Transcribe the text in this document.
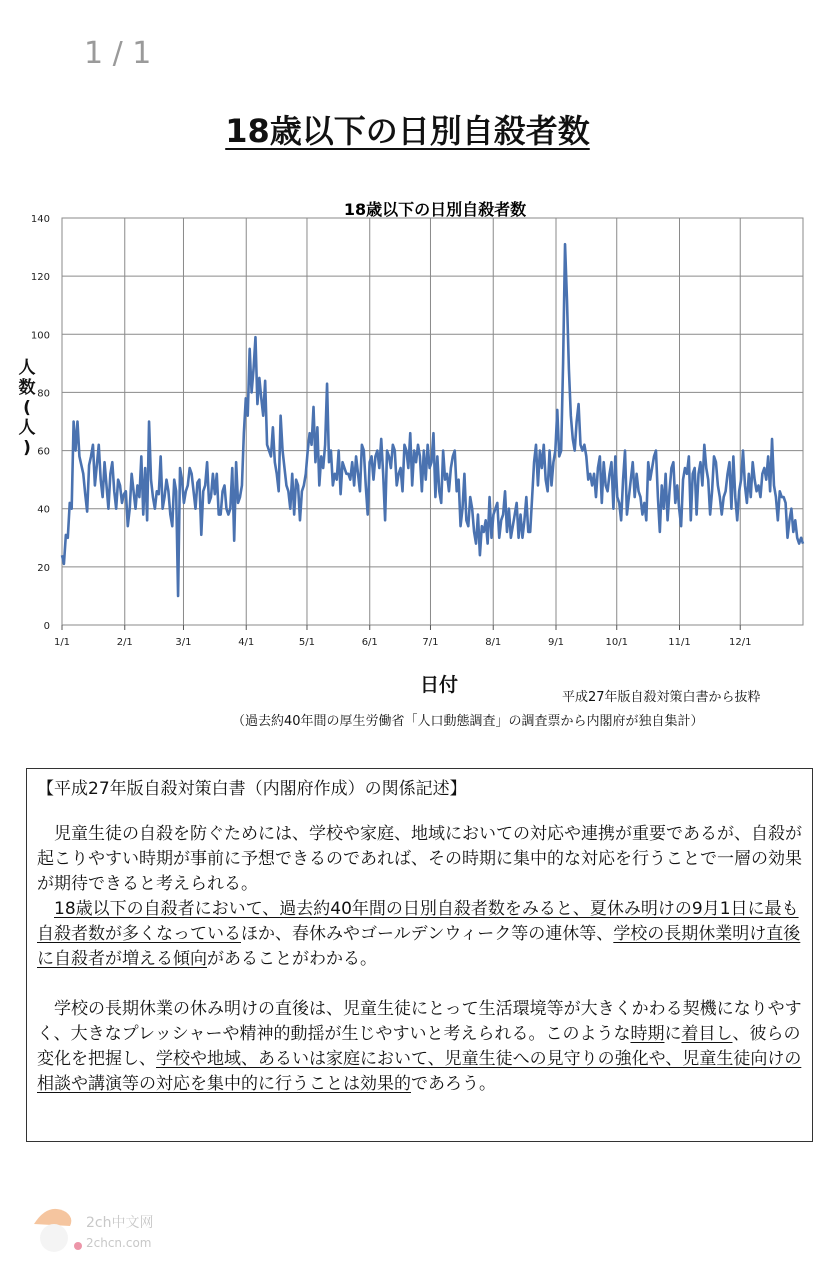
1 / 1
18歳以下の日別自殺者数
18歳以下の日別自殺者数
0
20
40
60
80
100
120
140
1/1	2/1	3/1	4/1	5/1	6/1	7/1	8/1	9/1	10/1	11/1	12/1
人
数
(
人
)
日付
平成27年版自殺対策白書から抜粋
（過去約40年間の厚生労働省「人口動態調査」の調査票から内閣府が独自集計）

【平成27年版自殺対策白書（内閣府作成）の関係記述】

児童生徒の自殺を防ぐためには、学校や家庭、地域においての対応や連携が重要であるが、自殺が起こりやすい時期が事前に予想できるのであれば、その時期に集中的な対応を行うことで一層の効果が期待できると考えられる。

18歳以下の自殺者において、過去約40年間の日別自殺者数をみると、夏休み明けの9月1日に最も自殺者数が多くなっているほか、春休みやゴールデンウィーク等の連休等、学校の長期休業明け直後に自殺者が増える傾向があることがわかる。

学校の長期休業の休み明けの直後は、児童生徒にとって生活環境等が大きくかわる契機になりやすく、大きなプレッシャーや精神的動揺が生じやすいと考えられる。このような時期に着目し、彼らの変化を把握し、学校や地域、あるいは家庭において、児童生徒への見守りの強化や、児童生徒向けの相談や講演等の対応を集中的に行うことは効果的であろう。

2ch中文网
2chcn.com
